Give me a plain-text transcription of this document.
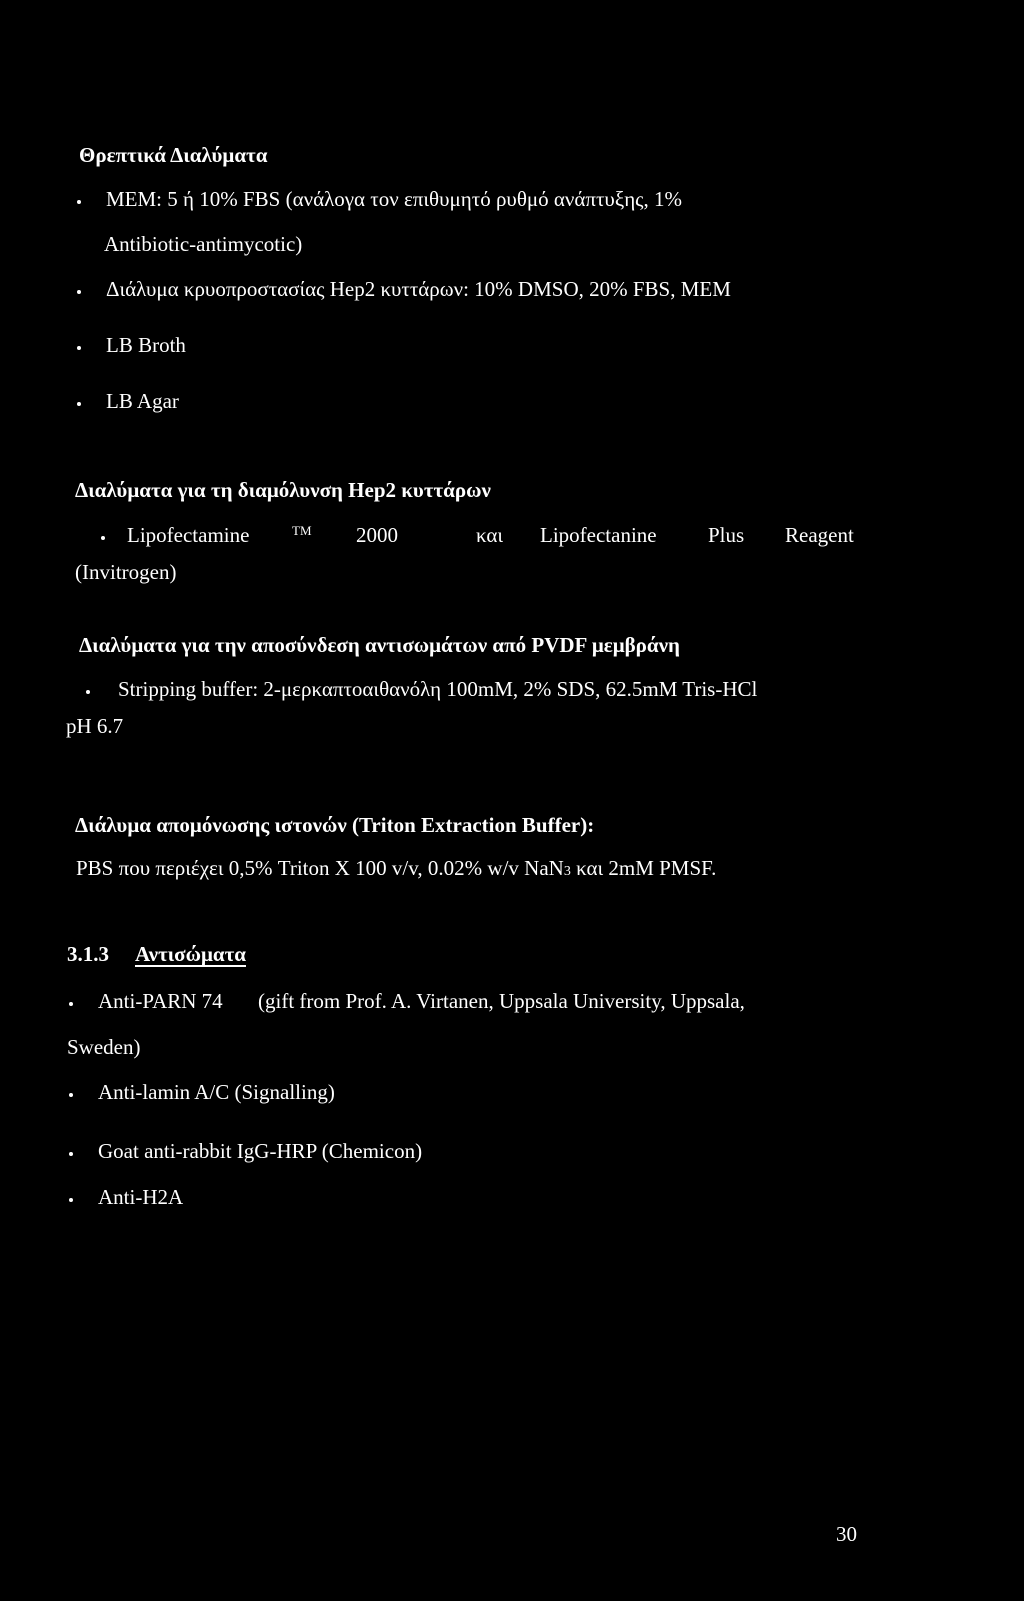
Θρεπτικά Διαλύματα
MEM: 5 ή 10% FBS (ανάλογα τον επιθυμητό ρυθμό ανάπτυξης, 1%
Antibiotic-antimycotic)
Διάλυμα κρυοπροστασίας Hep2 κυττάρων: 10% DMSO, 20% FBS, MEM
LB Broth
LB Agar
Διαλύματα για τη διαμόλυνση Hep2 κυττάρων
Lipofectamine	™ 2000	και Lipofectanine Plus Reagent
(Invitrogen)
Διαλύματα για την αποσύνδεση αντισωμάτων από PVDF μεμβράνη
Stripping buffer: 2-μερκαπτοαιθανόλη 100mM, 2% SDS, 62.5mM Tris-HCl
pH 6.7
Διάλυμα απομόνωσης ιστονών (Triton Extraction Buffer):
PBS που περιέχει 0,5% Triton X 100 v/v, 0.02% w/v NaN3 και 2mM PMSF.
3.1.3 Αντισώματα
Anti-PARN 74 (gift from Prof. A. Virtanen, Uppsala University, Uppsala,
Sweden)
Anti-lamin A/C (Signalling)
Goat anti-rabbit IgG-HRP (Chemicon)
Anti-H2A
30
